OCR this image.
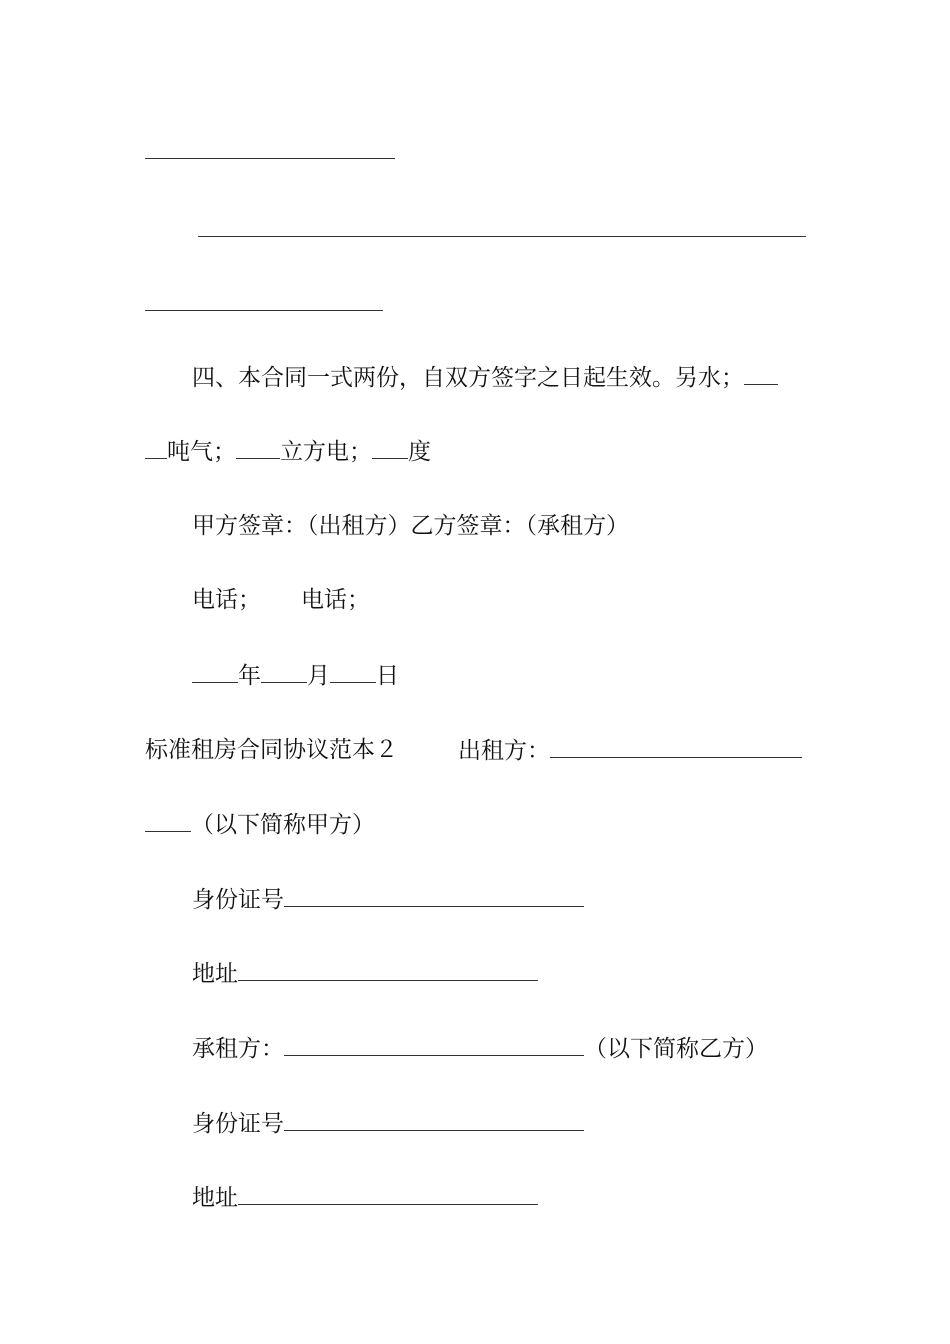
四、本合同一式两份，自双方签字之日起生效。另水；
吨气； 立方电； 度
甲方签章：（出租方）乙方签章：（承租方）
电话； 电话；
年 月 日
标准租房合同协议范本２	出租方：
（以下简称甲方）
身份证号
地址
承租方：	（以下简称乙方）
身份证号
地址
